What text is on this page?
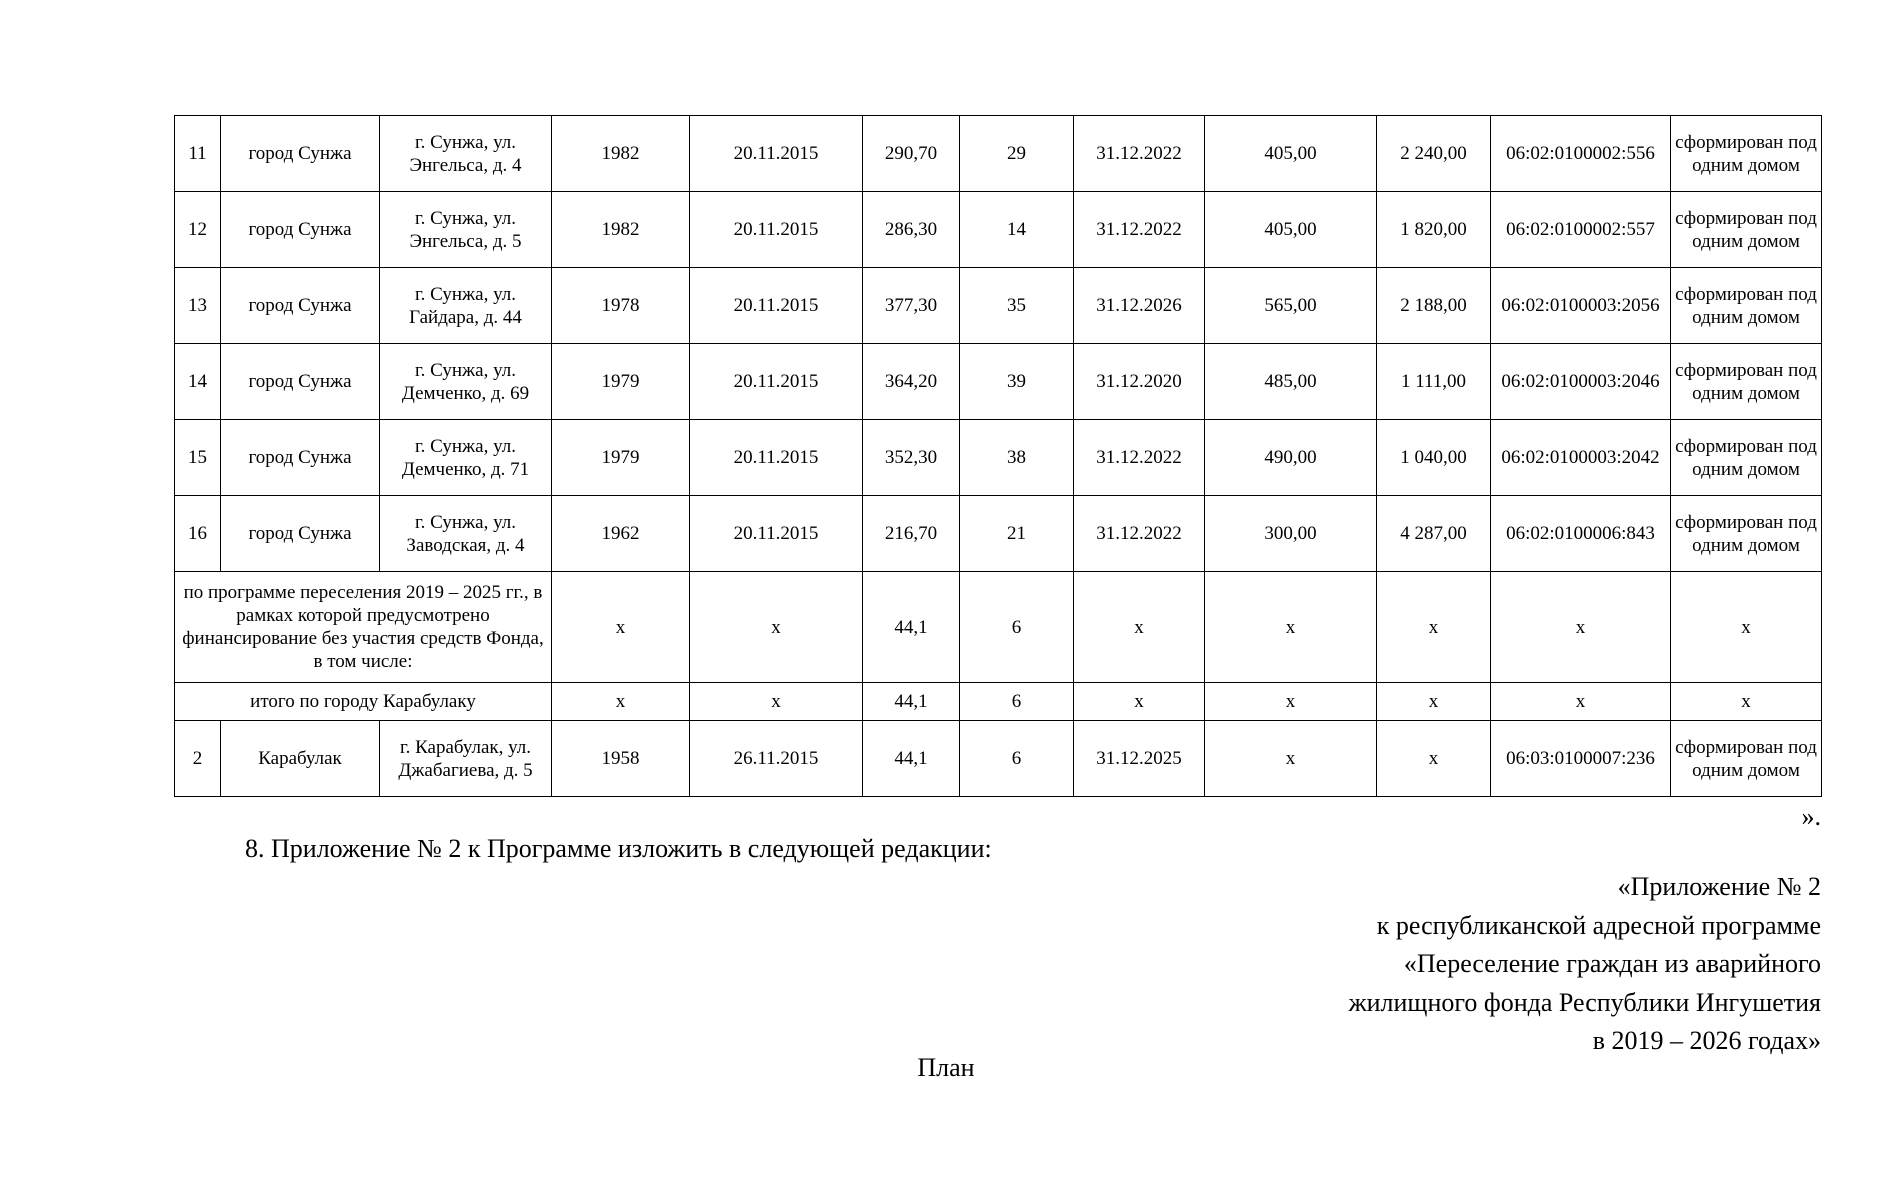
11	город Сунжа	г. Сунжа, ул. Энгельса, д. 4	1982	20.11.2015	290,70	29	31.12.2022	405,00	2 240,00	06:02:0100002:556	сформирован под одним домом
12	город Сунжа	г. Сунжа, ул. Энгельса, д. 5	1982	20.11.2015	286,30	14	31.12.2022	405,00	1 820,00	06:02:0100002:557	сформирован под одним домом
13	город Сунжа	г. Сунжа, ул. Гайдара, д. 44	1978	20.11.2015	377,30	35	31.12.2026	565,00	2 188,00	06:02:0100003:2056	сформирован под одним домом
14	город Сунжа	г. Сунжа, ул. Демченко, д. 69	1979	20.11.2015	364,20	39	31.12.2020	485,00	1 111,00	06:02:0100003:2046	сформирован под одним домом
15	город Сунжа	г. Сунжа, ул. Демченко, д. 71	1979	20.11.2015	352,30	38	31.12.2022	490,00	1 040,00	06:02:0100003:2042	сформирован под одним домом
16	город Сунжа	г. Сунжа, ул. Заводская, д. 4	1962	20.11.2015	216,70	21	31.12.2022	300,00	4 287,00	06:02:0100006:843	сформирован под одним домом
по программе переселения 2019 – 2025 гг., в рамках которой предусмотрено финансирование без участия средств Фонда, в том числе:			х	х	44,1	6	х	х	х	х	х
итого по городу Карабулаку			х	х	44,1	6	х	х	х	х	х
2	Карабулак	г. Карабулак, ул. Джабагиева, д. 5	1958	26.11.2015	44,1	6	31.12.2025	х	х	06:03:0100007:236	сформирован под одним домом
».
8. Приложение № 2 к Программе изложить в следующей редакции:
«Приложение № 2
к республиканской адресной программе
«Переселение граждан из аварийного
жилищного фонда Республики Ингушетия
в 2019 – 2026 годах»
План
